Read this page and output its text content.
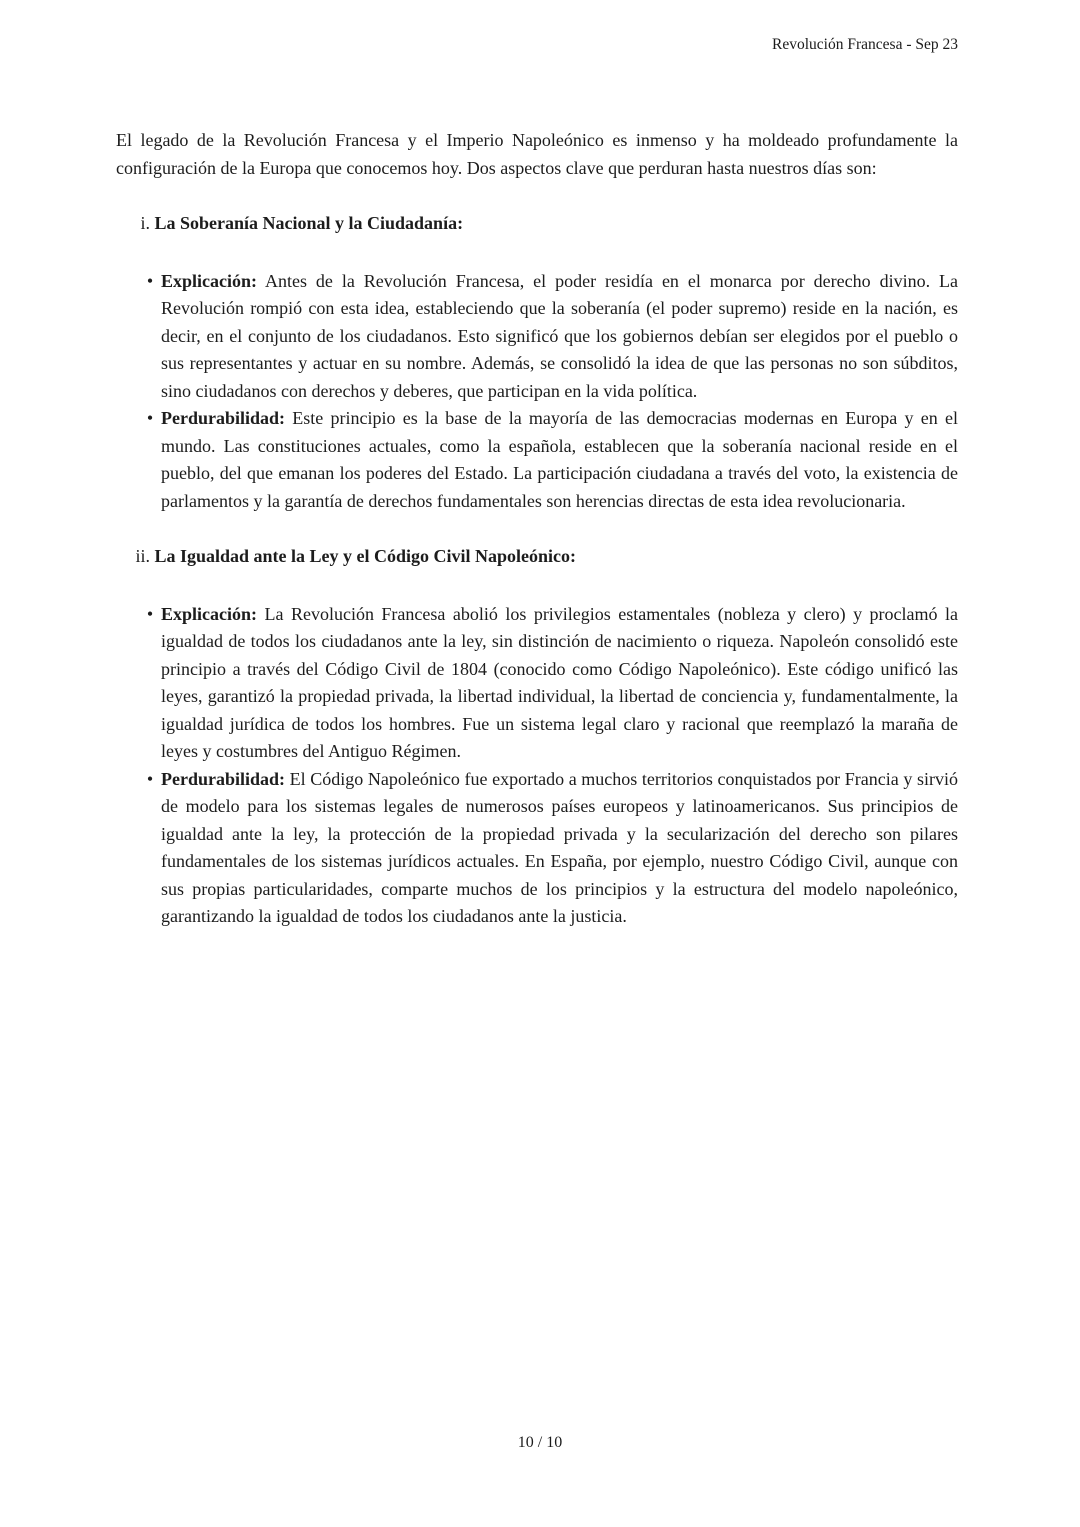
Revolución Francesa - Sep 23

El legado de la Revolución Francesa y el Imperio Napoleónico es inmenso y ha moldeado profundamente la configuración de la Europa que conocemos hoy. Dos aspectos clave que perduran hasta nuestros días son:

i. La Soberanía Nacional y la Ciudadanía:
• Explicación: Antes de la Revolución Francesa, el poder residía en el monarca por derecho divino. La Revolución rompió con esta idea, estableciendo que la soberanía (el poder supremo) reside en la nación, es decir, en el conjunto de los ciudadanos. Esto significó que los gobiernos debían ser elegidos por el pueblo o sus representantes y actuar en su nombre. Además, se consolidó la idea de que las personas no son súbditos, sino ciudadanos con derechos y deberes, que participan en la vida política.
• Perdurabilidad: Este principio es la base de la mayoría de las democracias modernas en Europa y en el mundo. Las constituciones actuales, como la española, establecen que la soberanía nacional reside en el pueblo, del que emanan los poderes del Estado. La participación ciudadana a través del voto, la existencia de parlamentos y la garantía de derechos fundamentales son herencias directas de esta idea revolucionaria.
ii. La Igualdad ante la Ley y el Código Civil Napoleónico:
• Explicación: La Revolución Francesa abolió los privilegios estamentales (nobleza y clero) y proclamó la igualdad de todos los ciudadanos ante la ley, sin distinción de nacimiento o riqueza. Napoleón consolidó este principio a través del Código Civil de 1804 (conocido como Código Napoleónico). Este código unificó las leyes, garantizó la propiedad privada, la libertad individual, la libertad de conciencia y, fundamentalmente, la igualdad jurídica de todos los hombres. Fue un sistema legal claro y racional que reemplazó la maraña de leyes y costumbres del Antiguo Régimen.
• Perdurabilidad: El Código Napoleónico fue exportado a muchos territorios conquistados por Francia y sirvió de modelo para los sistemas legales de numerosos países europeos y latinoamericanos. Sus principios de igualdad ante la ley, la protección de la propiedad privada y la secularización del derecho son pilares fundamentales de los sistemas jurídicos actuales. En España, por ejemplo, nuestro Código Civil, aunque con sus propias particularidades, comparte muchos de los principios y la estructura del modelo napoleónico, garantizando la igualdad de todos los ciudadanos ante la justicia.
10 / 10
